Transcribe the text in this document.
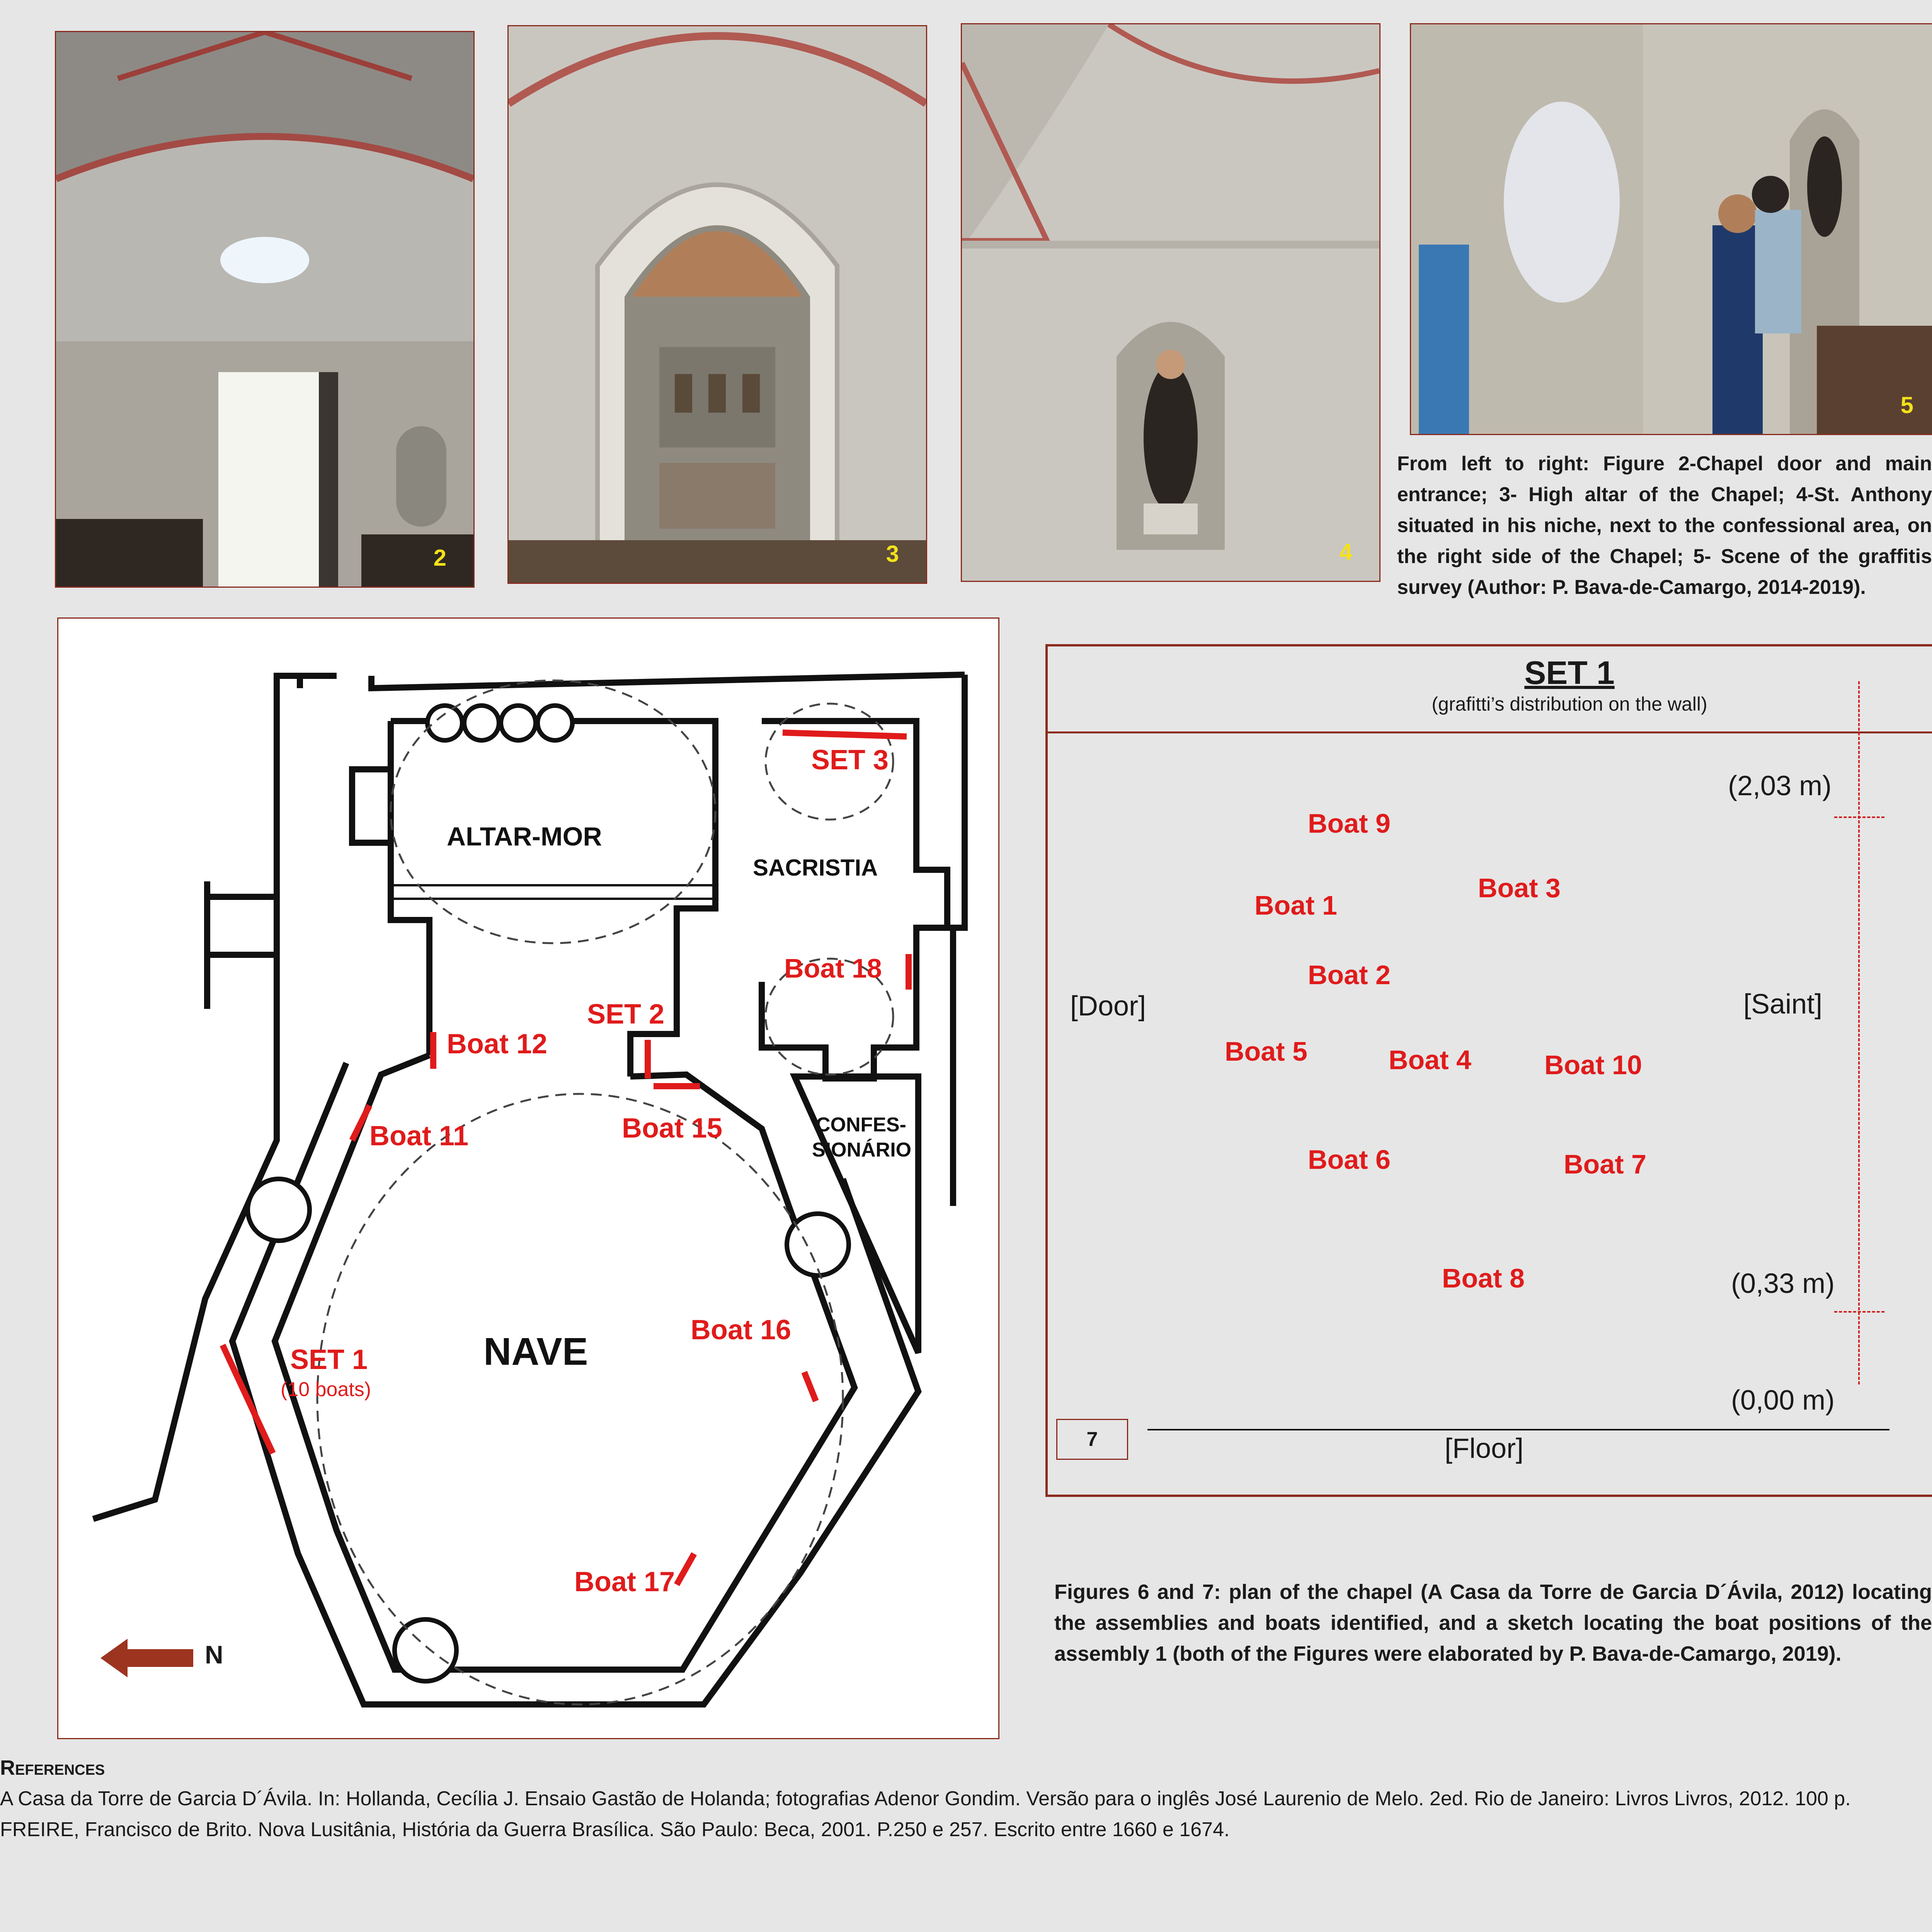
2	3	4
5
From left to right: Figure 2-Chapel door and main entrance; 3- High altar of the Chapel; 4-St. Anthony situated in his niche, next to the confessional area, on the right side of the Chapel; 5- Scene of the graffitis survey (Author: P. Bava-de-Camargo, 2014-2019).
ALTAR-MOR
SACRISTIA
CONFES-
SIONÁRIO
NAVE
SET 3
Boat 18
SET 2
Boat 12
Boat 11	Boat 15
Boat 16
SET 1
(10 boats)
Boat 17
N
SET 1
(grafitti’s distribution on the wall)
(2,03 m)
(0,33 m)
(0,00 m)
[Door]	[Saint]
[Floor]
7
Boat 9
Boat 1
Boat 3
Boat 2
Boat 5	Boat 4	Boat 10
Boat 6	Boat 7
Boat 8
Figures 6 and 7: plan of the chapel (A Casa da Torre de Garcia D´Ávila, 2012) locating the assemblies and boats identified, and a sketch locating the boat positions of the assembly 1 (both of the Figures were elaborated by P. Bava-de-Camargo, 2019).
References

A Casa da Torre de Garcia D´Ávila. In: Hollanda, Cecília J. Ensaio Gastão de Holanda; fotografias Adenor Gondim. Versão para o inglês José Laurenio de Melo. 2ed. Rio de Janeiro: Livros Livros, 2012. 100 p.

FREIRE, Francisco de Brito. Nova Lusitânia, História da Guerra Brasílica. São Paulo: Beca, 2001. P.250 e 257. Escrito entre 1660 e 1674.
